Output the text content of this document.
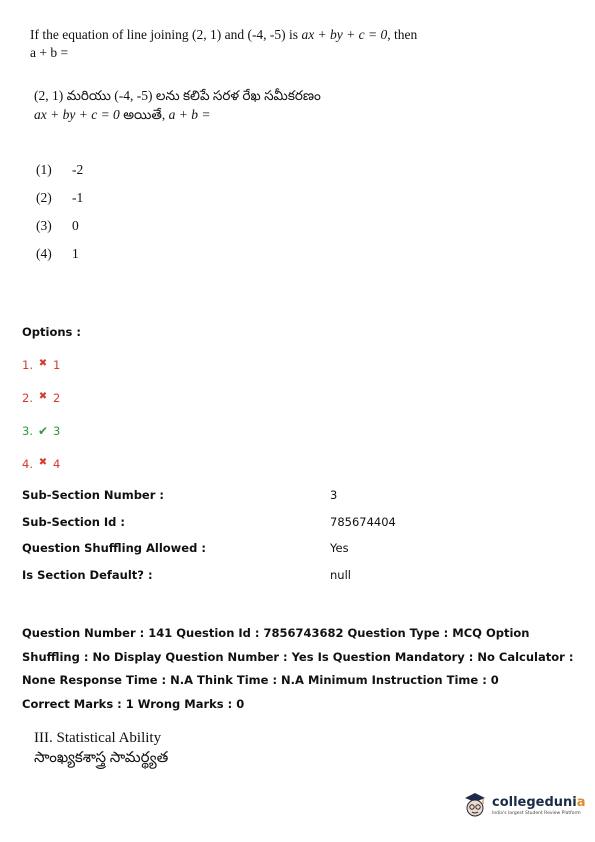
If the equation of line joining (2, 1) and (-4, -5) is ax + by + c = 0, then
a + b =
(2, 1) మరియు (-4, -5) లను కలిపే సరళ రేఖ సమీకరణం
ax + by + c = 0 అయితే, a + b =
(1)	-2
(2)	-1
(3)	0
(4)	1
Options :
1. ✖ 1
2. ✖ 2
3. ✔ 3
4. ✖ 4
Sub-Section Number :	3
Sub-Section Id :	785674404
Question Shuffling Allowed :	Yes
Is Section Default? :	null

Question Number : 141 Question Id : 7856743682 Question Type : MCQ Option Shuffling : No Display Question Number : Yes Is Question Mandatory : No Calculator : None Response Time : N.A Think Time : N.A Minimum Instruction Time : 0

Correct Marks : 1 Wrong Marks : 0

III. Statistical Ability
సాంఖ్యకశాస్త్ర సామర్థ్యత
collegedunia
India's largest Student Review Platform
